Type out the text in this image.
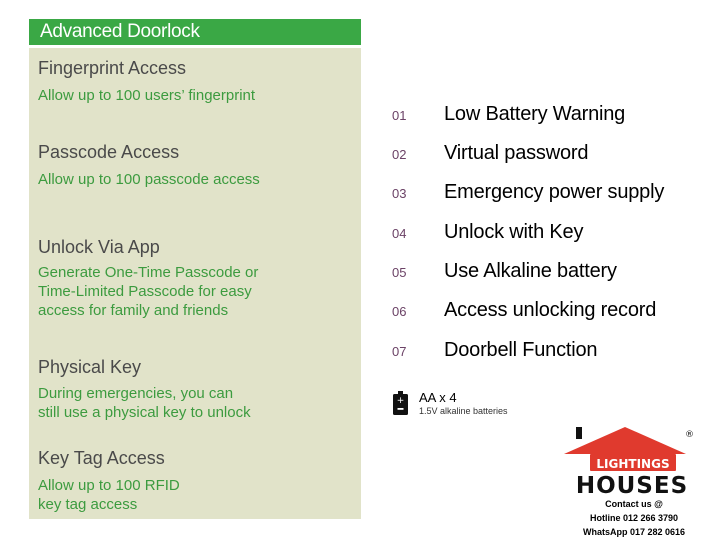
Advanced Doorlock
Fingerprint Access
Allow up to 100 users’ fingerprint
Passcode Access
Allow up to 100 passcode access
Unlock Via App
Generate One-Time Passcode or
Time-Limited Passcode for easy
access for family and friends
Physical Key
During emergencies, you can
still use a physical key to unlock
Key Tag Access
Allow up to 100 RFID
key tag access
01 Low Battery Warning
02 Virtual password
03 Emergency power supply
04 Unlock with Key
05 Use Alkaline battery
06 Access unlocking record
07 Doorbell Function
+ AA x 4
1.5V alkaline batteries
®
LIGHTINGS
HOUSES
Contact us @
Hotline 012 266 3790
WhatsApp 017 282 0616
